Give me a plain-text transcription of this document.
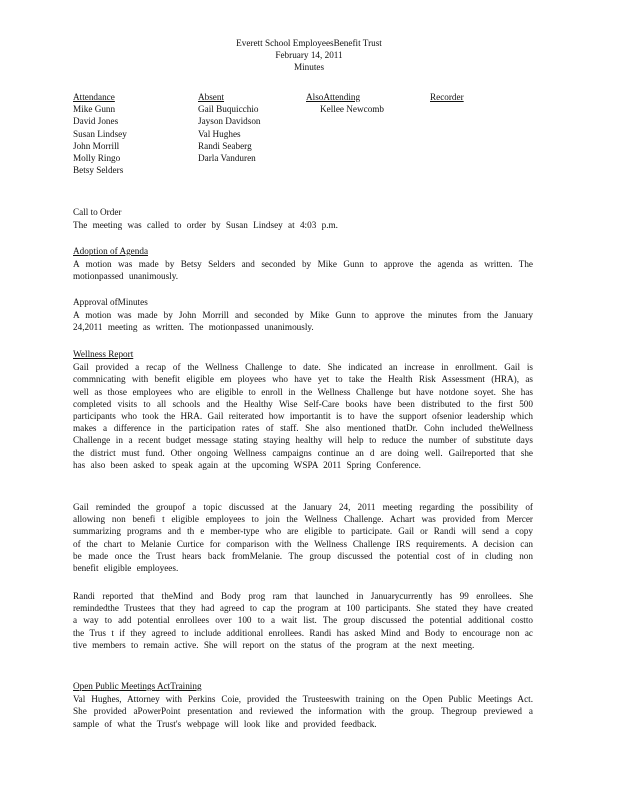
Everett School EmployeesBenefit Trust
February 14, 2011
Minutes
Attendance
Mike Gunn
David Jones
Susan Lindsey
John Morrill
Molly Ringo
Betsy Selders
Absent
Gail Buquicchio
Jayson Davidson
Val Hughes
Randi Seaberg
Darla Vanduren
AlsoAttending
Kellee Newcomb
Recorder
Call to Order

The meeting was called to order by Susan Lindsey at 4:03 p.m.

Adoption of Agenda

A motion was made by Betsy Selders and seconded by Mike Gunn to approve the agenda as written. The motionpassed unanimously.

Approval ofMinutes

A motion was made by John Morrill and seconded by Mike Gunn to approve the minutes from the January 24,2011 meeting as written. The motionpassed unanimously.

Wellness Report

Gail provided a recap of the Wellness Challenge to date. She indicated an increase in enrollment. Gail is commnicating with benefit eligible em ployees who have yet to take the Health Risk Assessment (HRA), as well as those employees who are eligible to enroll in the Wellness Challenge but have notdone soyet. She has completed visits to all schools and the Healthy Wise Self-Care books have been distributed to the first 500 participants who took the HRA. Gail reiterated how importantit is to have the support ofsenior leadership which makes a difference in the participation rates of staff. She also mentioned thatDr. Cohn included theWellness Challenge in a recent budget message stating staying healthy will help to reduce the number of substitute days the district must fund. Other ongoing Wellness campaigns continue an d are doing well. Gailreported that she has also been asked to speak again at the upcoming WSPA 2011 Spring Conference.

Gail reminded the groupof a topic discussed at the January 24, 2011 meeting regarding the possibility of allowing non benefi t eligible employees to join the Wellness Challenge. Achart was provided from Mercer summarizing programs and th e member-type who are eligible to participate. Gail or Randi will send a copy of the chart to Melanie Curtice for comparison with the Wellness Challenge IRS requirements. A decision can be made once the Trust hears back fromMelanie. The group discussed the potential cost of in cluding non benefit eligible employees.

Randi reported that theMind and Body prog ram that launched in Januarycurrently has 99 enrollees. She remindedthe Trustees that they had agreed to cap the program at 100 participants. She stated they have created a way to add potential enrollees over 100 to a wait list. The group discussed the potential additional costto the Trus t if they agreed to include additional enrollees. Randi has asked Mind and Body to encourage non ac tive members to remain active. She will report on the status of the program at the next meeting.

Open Public Meetings ActTraining

Val Hughes, Attorney with Perkins Coie, provided the Trusteeswith training on the Open Public Meetings Act. She provided aPowerPoint presentation and reviewed the information with the group. Thegroup previewed a sample of what the Trust's webpage will look like and provided feedback.
